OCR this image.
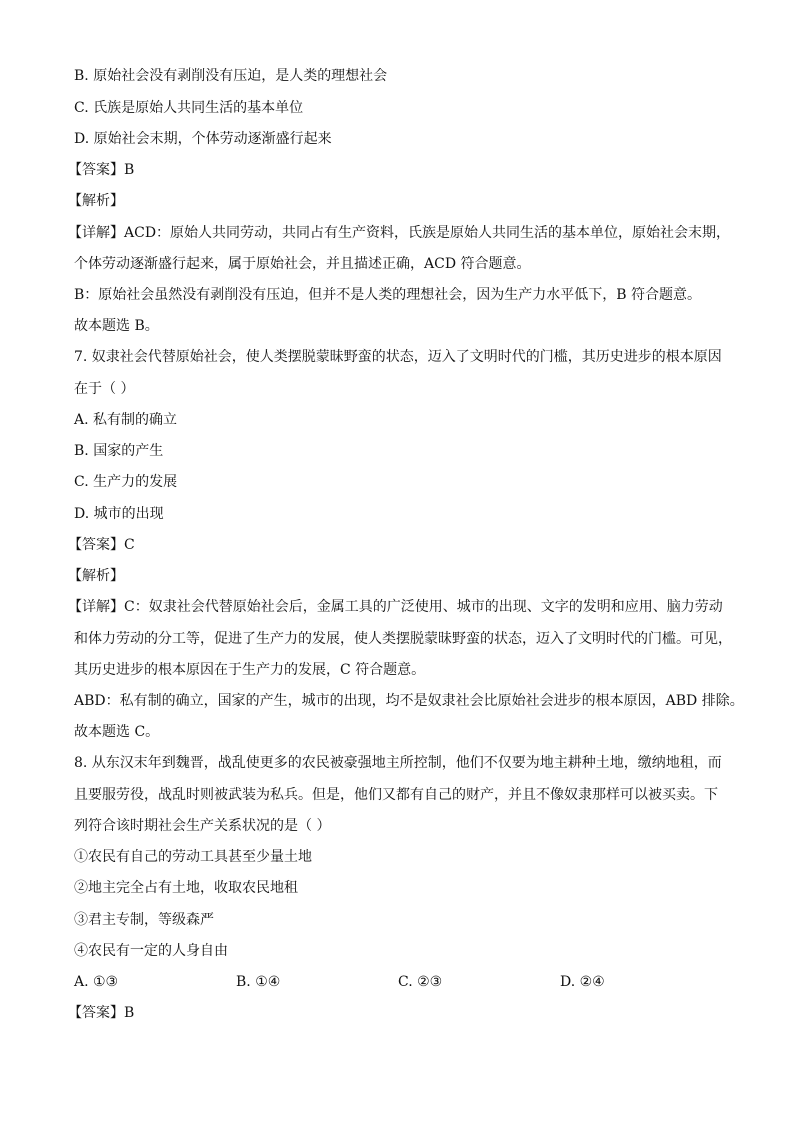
B. 原始社会没有剥削没有压迫，是人类的理想社会
C. 氏族是原始人共同生活的基本单位
D. 原始社会末期，个体劳动逐渐盛行起来
【答案】B
【解析】
【详解】ACD：原始人共同劳动，共同占有生产资料，氏族是原始人共同生活的基本单位，原始社会末期，
个体劳动逐渐盛行起来，属于原始社会，并且描述正确，ACD 符合题意。
B：原始社会虽然没有剥削没有压迫，但并不是人类的理想社会，因为生产力水平低下，B 符合题意。
故本题选 B。
7. 奴隶社会代替原始社会，使人类摆脱蒙昧野蛮的状态，迈入了文明时代的门槛，其历史进步的根本原因
在于（ ）
A. 私有制的确立
B. 国家的产生
C. 生产力的发展
D. 城市的出现
【答案】C
【解析】
【详解】C：奴隶社会代替原始社会后，金属工具的广泛使用、城市的出现、文字的发明和应用、脑力劳动
和体力劳动的分工等，促进了生产力的发展，使人类摆脱蒙昧野蛮的状态，迈入了文明时代的门槛。可见，
其历史进步的根本原因在于生产力的发展，C 符合题意。
ABD：私有制的确立，国家的产生，城市的出现，均不是奴隶社会比原始社会进步的根本原因，ABD 排除。
故本题选 C。
8. 从东汉末年到魏晋，战乱使更多的农民被豪强地主所控制，他们不仅要为地主耕种土地，缴纳地租，而
且要服劳役，战乱时则被武装为私兵。但是，他们又都有自己的财产，并且不像奴隶那样可以被买卖。下
列符合该时期社会生产关系状况的是（ ）
①农民有自己的劳动工具甚至少量土地
②地主完全占有土地，收取农民地租
③君主专制，等级森严
④农民有一定的人身自由
A. ①③	B. ①④	C. ②③	D. ②④
【答案】B
